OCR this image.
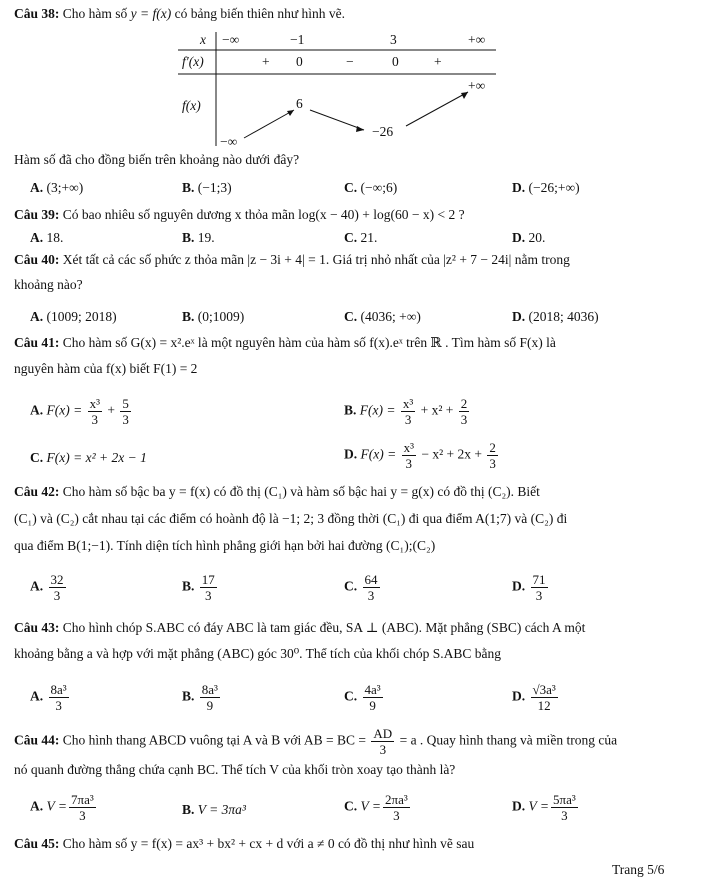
Câu 38: Cho hàm số y = f(x) có bảng biến thiên như hình vẽ.
x −∞	−1	3	+∞
f′(x)	+ 0	−	0	+
f(x)
−∞
6
−26
+∞
Hàm số đã cho đồng biến trên khoảng nào dưới đây?
A. (3;+∞)	B. (−1;3)	C. (−∞;6)	D. (−26;+∞)
Câu 39: Có bao nhiêu số nguyên dương x thỏa mãn log(x − 40) + log(60 − x) < 2 ?
A. 18.	B. 19.	C. 21.	D. 20.
Câu 40: Xét tất cả các số phức z thỏa mãn |z − 3i + 4| = 1. Giá trị nhỏ nhất của |z² + 7 − 24i| nằm trong
khoảng nào?
A. (1009; 2018)	B. (0;1009)	C. (4036; +∞)	D. (2018; 4036)
Câu 41: Cho hàm số G(x) = x².eˣ là một nguyên hàm của hàm số f(x).eˣ trên ℝ . Tìm hàm số F(x) là
nguyên hàm của f(x) biết F(1) = 2
A. $F(x) = \frac{\text{x³}}{3} + \frac{5}{3}$	B. $F(x) = \frac{\text{x³}}{3} + x^2 + \frac{2}{3}$
C. F(x) = x² + 2x − 1	D. $F(x) = \frac{\text{x³}}{3} - x^2 + 2x + \frac{2}{3}$
Câu 42: Cho hàm số bậc ba y = f(x) có đồ thị (C₁) và hàm số bậc hai y = g(x) có đồ thị (C₂). Biết
(C₁) và (C₂) cắt nhau tại các điểm có hoành độ là −1; 2; 3 đồng thời (C₁) đi qua điểm A(1;7) và (C₂) đi
qua điểm B(1;−1). Tính diện tích hình phẳng giới hạn bởi hai đường (C₁);(C₂)
A. $\frac{32}{3}$	B. $\frac{17}{3}$	C. $\frac{64}{3}$	D. $\frac{71}{3}$
Câu 43: Cho hình chóp S.ABC có đáy ABC là tam giác đều, SA ⊥ (ABC). Mặt phẳng (SBC) cách A một
khoảng bằng a và hợp với mặt phẳng (ABC) góc 30⁰. Thể tích của khối chóp S.ABC bằng
A. $\frac{\text{8a³}}{3}$	B. $\frac{\text{8a³}}{9}$	C. $\frac{\text{4a³}}{9}$	D. $\frac{\text{√3a³}}{12}$
Câu 44: Cho hình thang ABCD vuông tại A và B với AB = BC = $\frac{AD}{3} = a$ . Quay hình thang và miền trong của
nó quanh đường thẳng chứa cạnh BC. Thể tích V của khối tròn xoay tạo thành là?
A. $V = \frac{\text{7πa³}}{3}$	B. V = 3πa³	C. $V = \frac{\text{2πa³}}{3}$	D. $V = \frac{\text{5πa³}}{3}$
Câu 45: Cho hàm số y = f(x) = ax³ + bx² + cx + d với a ≠ 0 có đồ thị như hình vẽ sau
Trang 5/6
